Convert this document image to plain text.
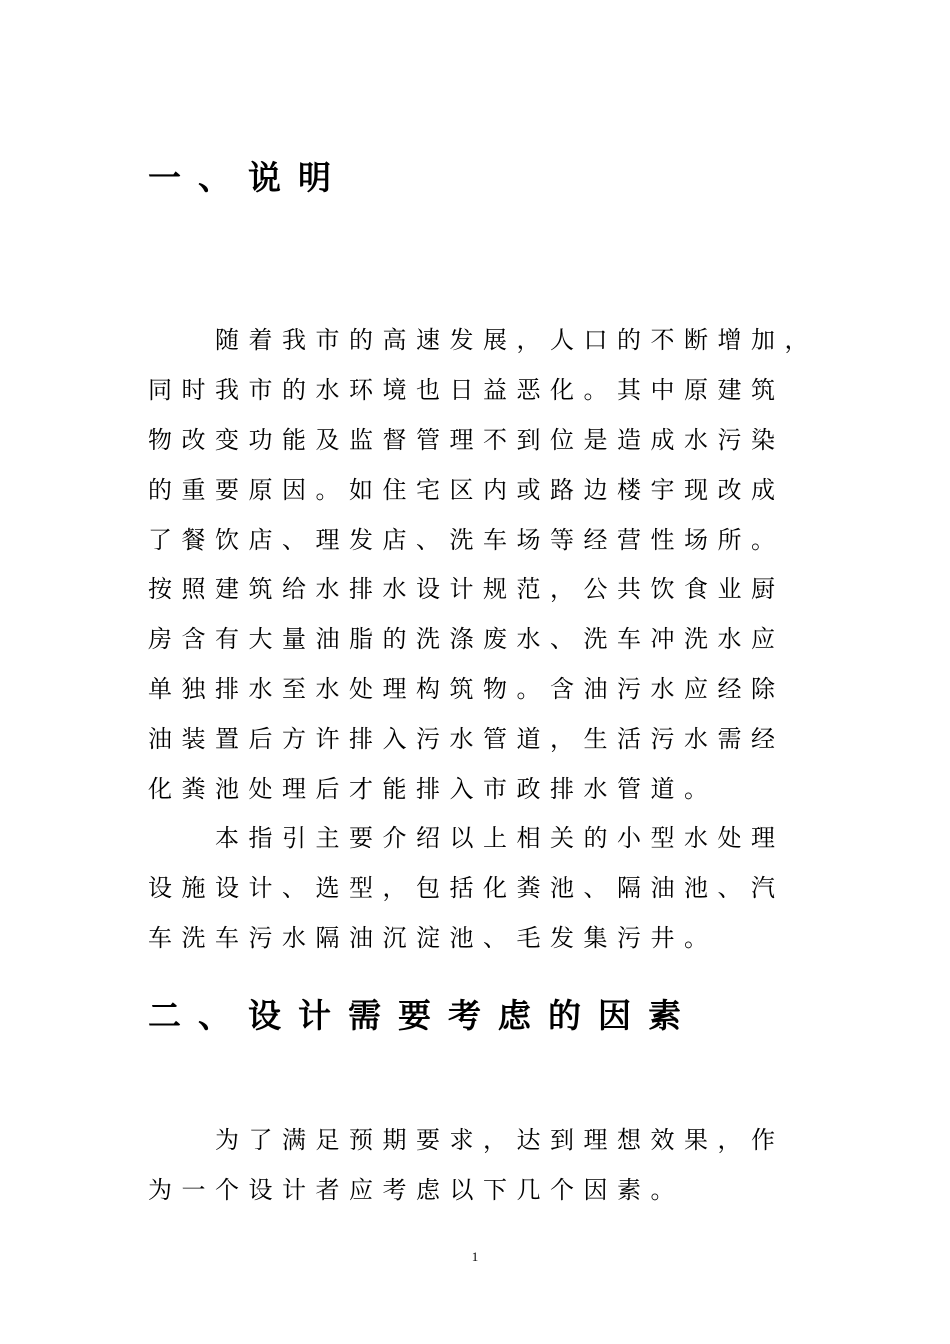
一、说明

随着我市的高速发展，人口的不断增加，

同时我市的水环境也日益恶化。其中原建筑

物改变功能及监督管理不到位是造成水污染

的重要原因。如住宅区内或路边楼宇现改成

了餐饮店、理发店、洗车场等经营性场所。

按照建筑给水排水设计规范，公共饮食业厨

房含有大量油脂的洗涤废水、洗车冲洗水应

单独排水至水处理构筑物。含油污水应经除

油装置后方许排入污水管道，生活污水需经

化粪池处理后才能排入市政排水管道。

本指引主要介绍以上相关的小型水处理

设施设计、选型，包括化粪池、隔油池、汽

车洗车污水隔油沉淀池、毛发集污井。

二、设计需要考虑的因素

为了满足预期要求，达到理想效果，作

为一个设计者应考虑以下几个因素。

1
